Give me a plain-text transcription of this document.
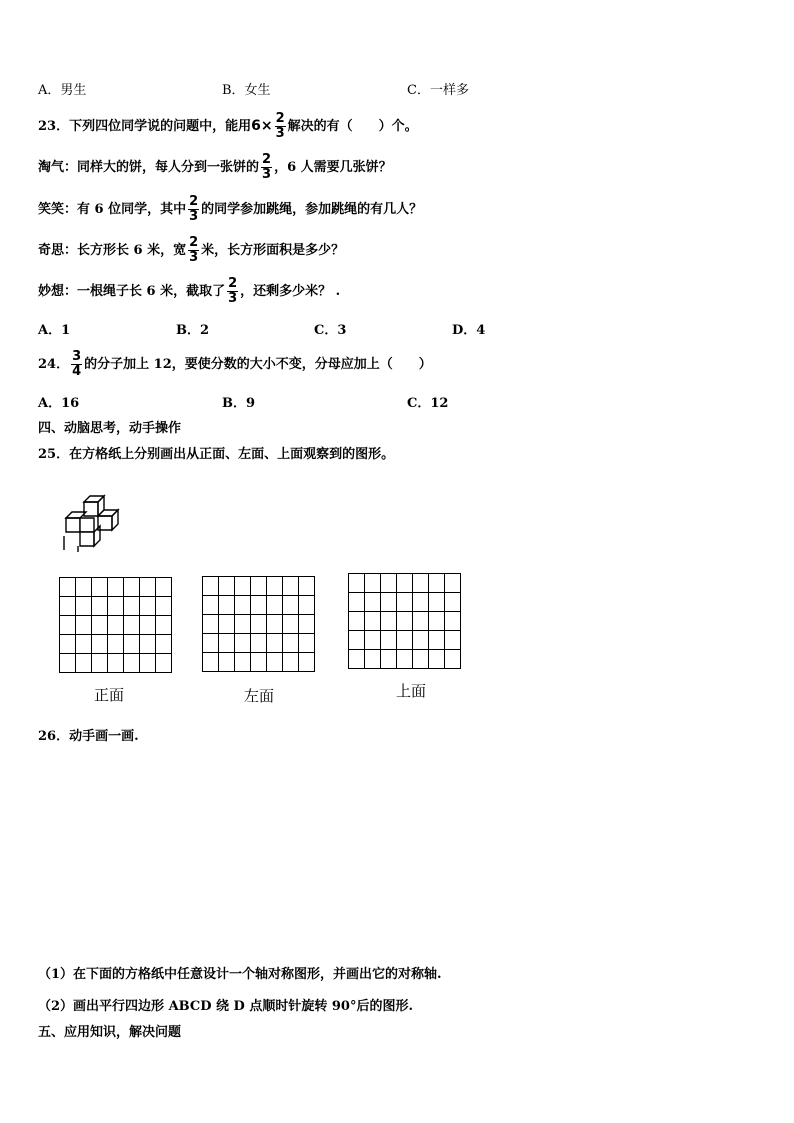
A．男生	B．女生	C．一样多
23．下列四位同学说的问题中，能用$6\times \frac{2}{3}$ 解决的有（　　）个。
淘气：同样大的饼，每人分到一张饼的 $\frac{2}{3}$ ，6 人需要几张饼？
笑笑：有 6 位同学，其中 $\frac{2}{3}$ 的同学参加跳绳，参加跳绳的有几人？
奇思：长方形长 6 米，宽 $\frac{2}{3}$ 米，长方形面积是多少？
妙想：一根绳子长 6 米，截取了 $\frac{2}{3}$ ，还剩多少米？ .
A．1	B．2	C．3	D．4
24． $\frac{3}{4}$ 的分子加上 12，要使分数的大小不变，分母应加上（　　）
A．16	B．9	C．12
四、动脑思考，动手操作
25．在方格纸上分别画出从正面、左面、上面观察到的图形。

正面	左面	上面
26．动手画一画.
（1）在下面的方格纸中任意设计一个轴对称图形，并画出它的对称轴.
（2）画出平行四边形 ABCD 绕 D 点顺时针旋转 90°后的图形.
五、应用知识，解决问题
